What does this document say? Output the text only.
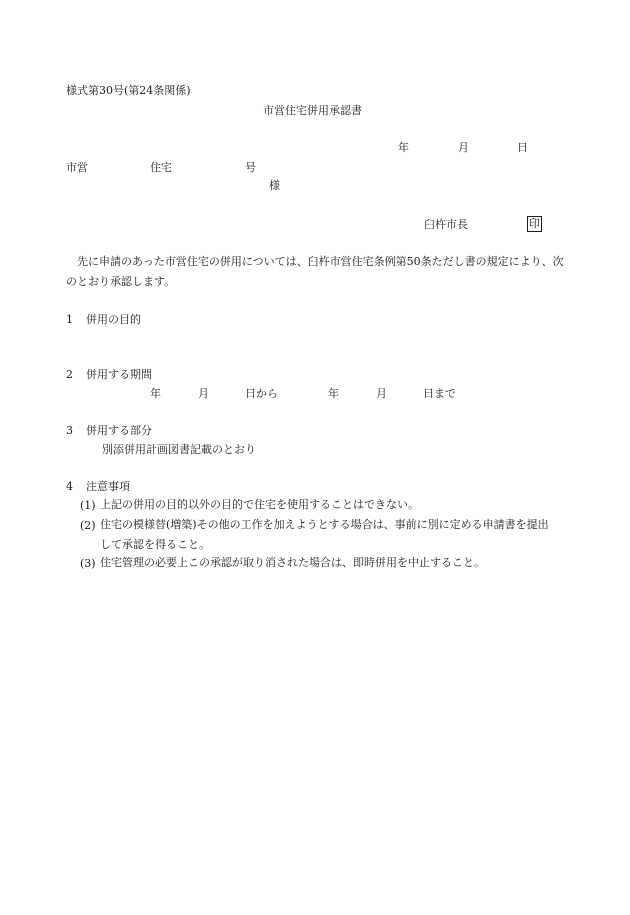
様式第30号(第24条関係)
市営住宅併用承認書
年	月	日
市営	住宅	号
様
臼杵市長	印
先に申請のあった市営住宅の併用については、臼杵市営住宅条例第50条ただし書の規定により、次のとおり承認します。
1 併用の目的
2 併用する期間
年	月	日から	年	月	日まで
3 併用する部分
別添併用計画図書記載のとおり
4 注意事項
(1) 上記の併用の目的以外の目的で住宅を使用することはできない。
(2) 住宅の模様替(増築)その他の工作を加えようとする場合は、事前に別に定める申請書を提出して承認を得ること。
(3) 住宅管理の必要上この承認が取り消された場合は、即時併用を中止すること。
